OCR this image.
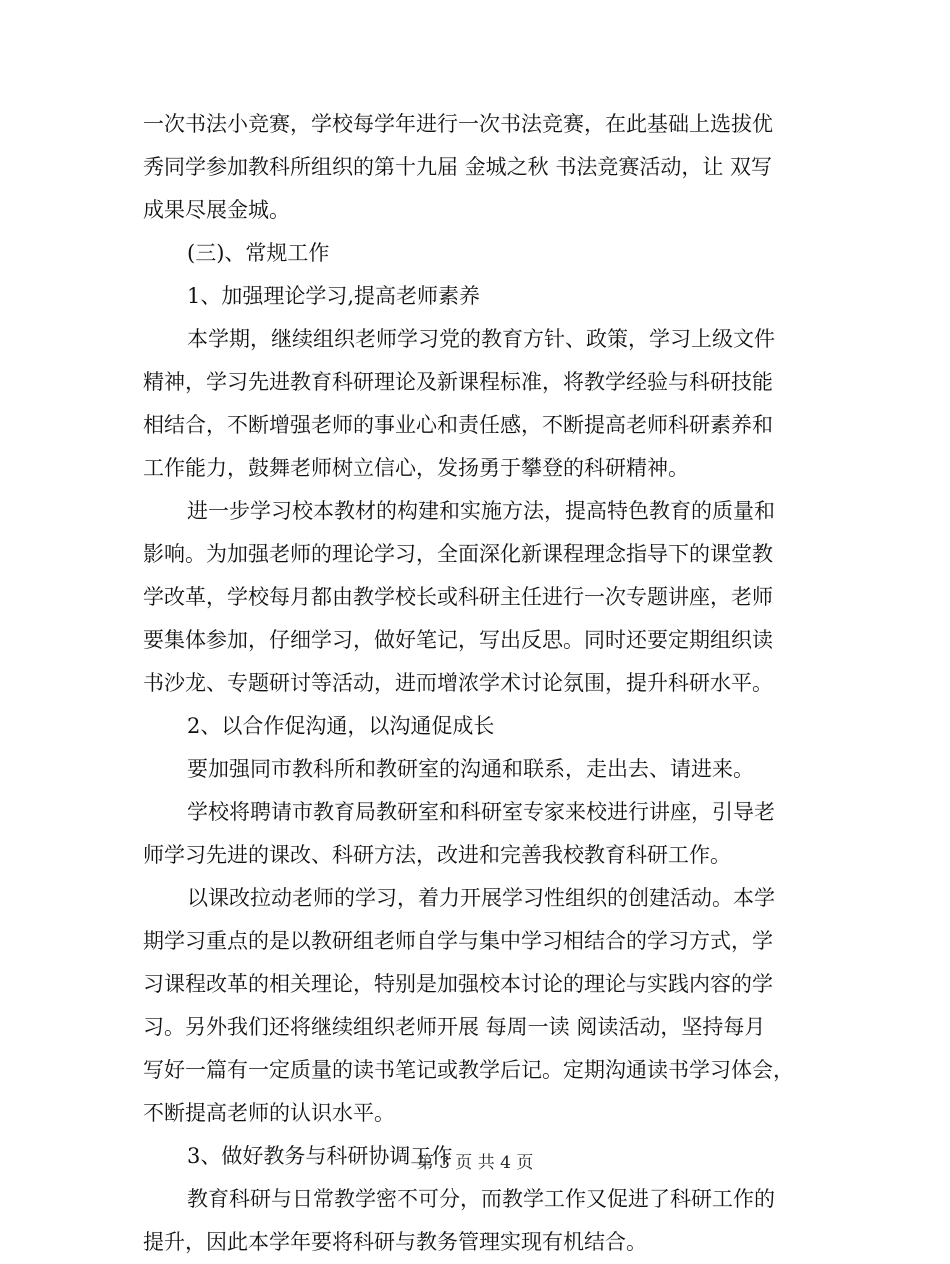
一次书法小竞赛，学校每学年进行一次书法竞赛，在此基础上选拔优
秀同学参加教科所组织的第十九届 金城之秋 书法竞赛活动，让 双写
成果尽展金城。
(三)、常规工作
1、加强理论学习,提高老师素养
本学期，继续组织老师学习党的教育方针、政策，学习上级文件
精神，学习先进教育科研理论及新课程标准，将教学经验与科研技能
相结合，不断增强老师的事业心和责任感，不断提高老师科研素养和
工作能力，鼓舞老师树立信心，发扬勇于攀登的科研精神。
进一步学习校本教材的构建和实施方法，提高特色教育的质量和
影响。为加强老师的理论学习，全面深化新课程理念指导下的课堂教
学改革，学校每月都由教学校长或科研主任进行一次专题讲座，老师
要集体参加，仔细学习，做好笔记，写出反思。同时还要定期组织读
书沙龙、专题研讨等活动，进而增浓学术讨论氛围，提升科研水平。
2、以合作促沟通，以沟通促成长
要加强同市教科所和教研室的沟通和联系，走出去、请进来。
学校将聘请市教育局教研室和科研室专家来校进行讲座，引导老
师学习先进的课改、科研方法，改进和完善我校教育科研工作。
以课改拉动老师的学习，着力开展学习性组织的创建活动。本学
期学习重点的是以教研组老师自学与集中学习相结合的学习方式，学
习课程改革的相关理论，特别是加强校本讨论的理论与实践内容的学
习。另外我们还将继续组织老师开展 每周一读 阅读活动，坚持每月
写好一篇有一定质量的读书笔记或教学后记。定期沟通读书学习体会，
不断提高老师的认识水平。
3、做好教务与科研协调工作
教育科研与日常教学密不可分，而教学工作又促进了科研工作的
提升，因此本学年要将科研与教务管理实现有机结合。
第 3 页 共 4 页
